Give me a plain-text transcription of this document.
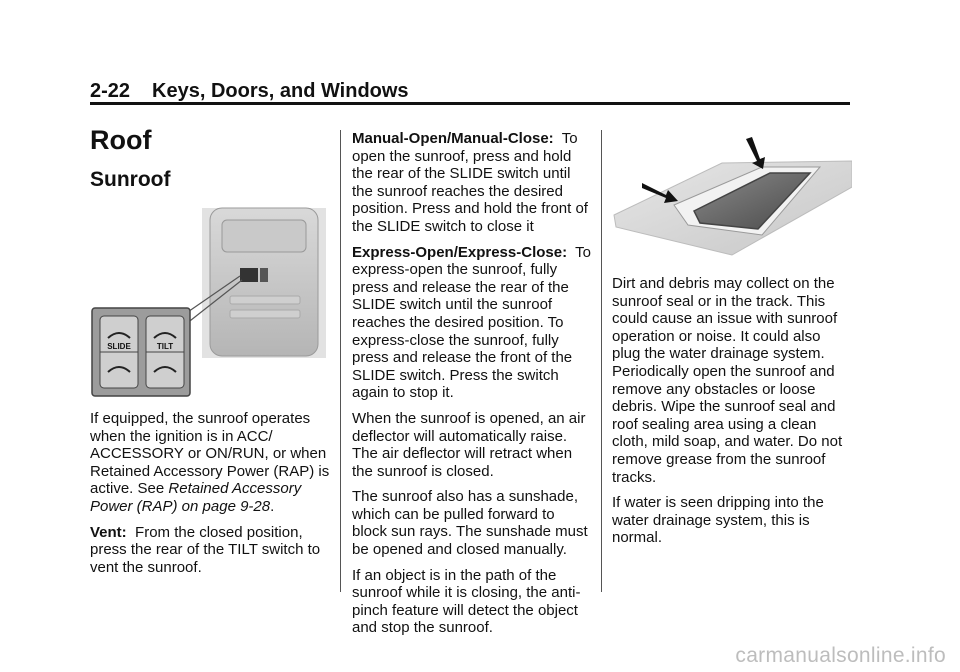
2-22 Keys, Doors, and Windows
Roof
Sunroof
SLIDE	TILT

If equipped, the sunroof operates when the ignition is in ACC/ ACCESSORY or ON/RUN, or when Retained Accessory Power (RAP) is active. See Retained Accessory Power (RAP) on page 9-28.

Vent: From the closed position, press the rear of the TILT switch to vent the sunroof.

Manual-Open/Manual-Close: To open the sunroof, press and hold the rear of the SLIDE switch until the sunroof reaches the desired position. Press and hold the front of the SLIDE switch to close it

Express-Open/Express-Close: To express-open the sunroof, fully press and release the rear of the SLIDE switch until the sunroof reaches the desired position. To express-close the sunroof, fully press and release the front of the SLIDE switch. Press the switch again to stop it.

When the sunroof is opened, an air deflector will automatically raise. The air deflector will retract when the sunroof is closed.

The sunroof also has a sunshade, which can be pulled forward to block sun rays. The sunshade must be opened and closed manually.

If an object is in the path of the sunroof while it is closing, the anti-pinch feature will detect the object and stop the sunroof.

Dirt and debris may collect on the sunroof seal or in the track. This could cause an issue with sunroof operation or noise. It could also plug the water drainage system. Periodically open the sunroof and remove any obstacles or loose debris. Wipe the sunroof seal and roof sealing area using a clean cloth, mild soap, and water. Do not remove grease from the sunroof tracks.

If water is seen dripping into the water drainage system, this is normal.

carmanualsonline.info
